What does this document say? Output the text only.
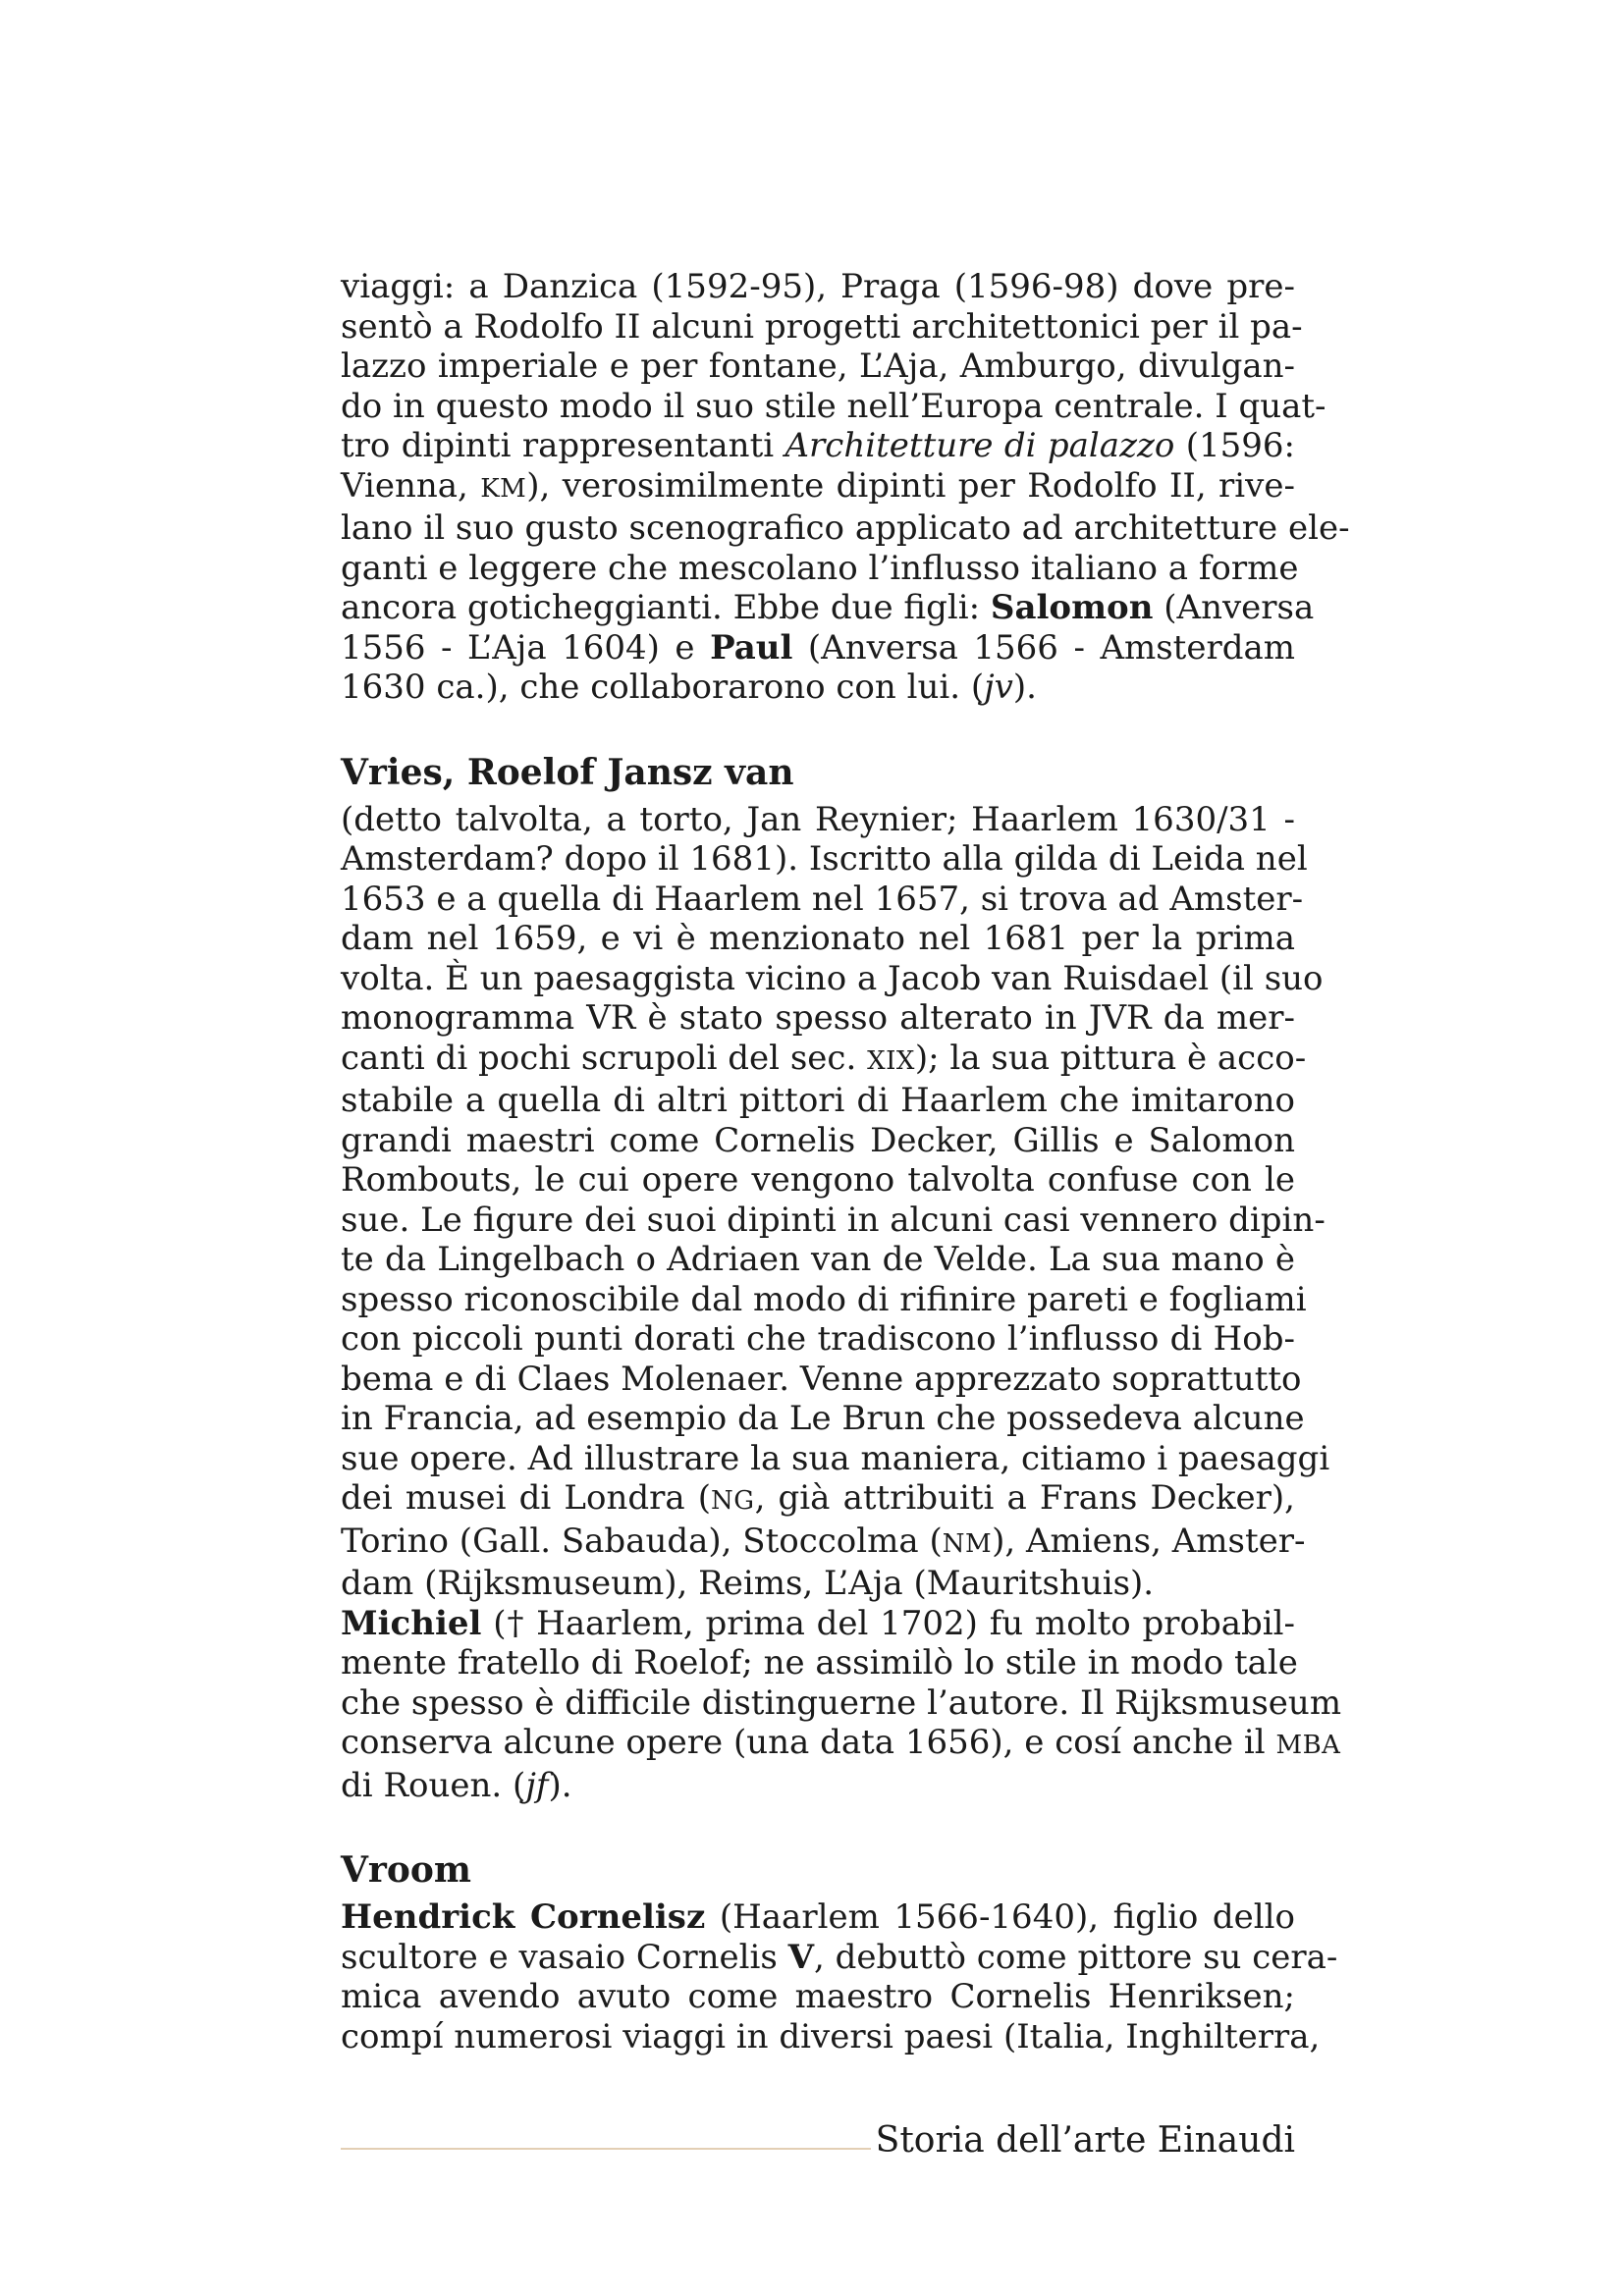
viaggi: a Danzica (1592-95), Praga (1596-98) dove pre-
sentò a Rodolfo II alcuni progetti architettonici per il pa-
lazzo imperiale e per fontane, L’Aja, Amburgo, divulgan-
do in questo modo il suo stile nell’Europa centrale. I quat-
tro dipinti rappresentanti Architetture di palazzo (1596:
Vienna, KM), verosimilmente dipinti per Rodolfo II, rive-
lano il suo gusto scenografico applicato ad architetture ele-
ganti e leggere che mescolano l’influsso italiano a forme
ancora goticheggianti. Ebbe due figli: Salomon (Anversa
1556 - L’Aja 1604) e Paul (Anversa 1566 - Amsterdam
1630 ca.), che collaborarono con lui. (jv).
Vries, Roelof Jansz van
(detto talvolta, a torto, Jan Reynier; Haarlem 1630/31 -
Amsterdam? dopo il 1681). Iscritto alla gilda di Leida nel
1653 e a quella di Haarlem nel 1657, si trova ad Amster-
dam nel 1659, e vi è menzionato nel 1681 per la prima
volta. È un paesaggista vicino a Jacob van Ruisdael (il suo
monogramma VR è stato spesso alterato in JVR da mer-
canti di pochi scrupoli del sec. XIX); la sua pittura è acco-
stabile a quella di altri pittori di Haarlem che imitarono
grandi maestri come Cornelis Decker, Gillis e Salomon
Rombouts, le cui opere vengono talvolta confuse con le
sue. Le figure dei suoi dipinti in alcuni casi vennero dipin-
te da Lingelbach o Adriaen van de Velde. La sua mano è
spesso riconoscibile dal modo di rifinire pareti e fogliami
con piccoli punti dorati che tradiscono l’influsso di Hob-
bema e di Claes Molenaer. Venne apprezzato soprattutto
in Francia, ad esempio da Le Brun che possedeva alcune
sue opere. Ad illustrare la sua maniera, citiamo i paesaggi
dei musei di Londra (NG, già attribuiti a Frans Decker),
Torino (Gall. Sabauda), Stoccolma (NM), Amiens, Amster-
dam (Rijksmuseum), Reims, L’Aja (Mauritshuis).
Michiel († Haarlem, prima del 1702) fu molto probabil-
mente fratello di Roelof; ne assimilò lo stile in modo tale
che spesso è difficile distinguerne l’autore. Il Rijksmuseum
conserva alcune opere (una data 1656), e cosí anche il MBA
di Rouen. (jf).
Vroom
Hendrick Cornelisz (Haarlem 1566-1640), figlio dello
scultore e vasaio Cornelis V, debuttò come pittore su cera-
mica avendo avuto come maestro Cornelis Henriksen;
compí numerosi viaggi in diversi paesi (Italia, Inghilterra,
Storia dell’arte Einaudi
